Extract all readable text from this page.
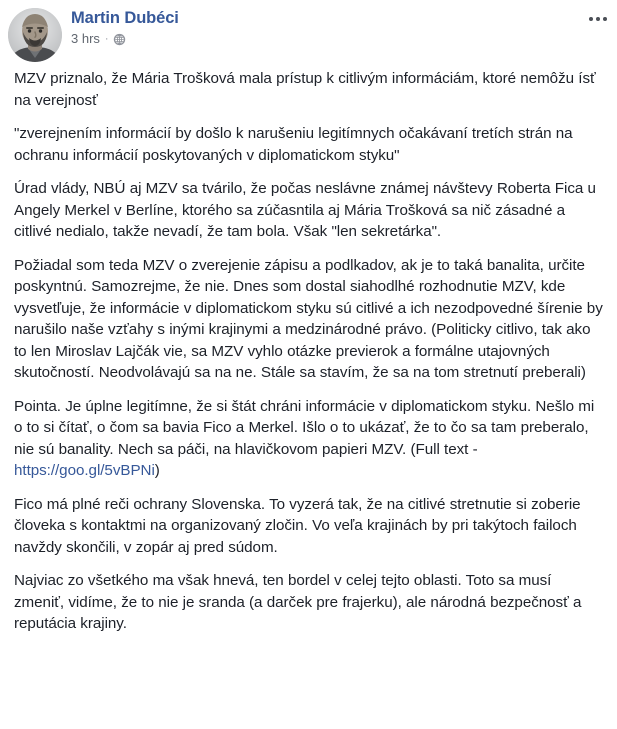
Martin Dubéci
3 hrs ·

MZV priznalo, že Mária Trošková mala prístup k citlivým informáciám, ktoré nemôžu ísť na verejnosť

"zverejnením informácií by došlo k narušeniu legitímnych očakávaní tretích strán na ochranu informácií poskytovaných v diplomatickom styku"

Úrad vlády, NBÚ aj MZV sa tvárilo, že počas neslávne známej návštevy Roberta Fica u Angely Merkel v Berlíne, ktorého sa zúčasntila aj Mária Trošková sa nič zásadné a citlivé nedialo, takže nevadí, že tam bola. Však "len sekretárka".

Požiadal som teda MZV o zverejenie zápisu a podlkadov, ak je to taká banalita, určite poskyntnú. Samozrejme, že nie. Dnes som dostal siahodlhé rozhodnutie MZV, kde vysvetľuje, že informácie v diplomatickom styku sú citlivé a ich nezodpovedné šírenie by narušilo naše vzťahy s inými krajinymi a medzinárodné právo. (Politicky citlivo, tak ako to len Miroslav Lajčák vie, sa MZV vyhlo otázke previerok a formálne utajovných skutočností. Neodvolávajú sa na ne. Stále sa stavím, že sa na tom stretnutí preberali)

Pointa. Je úplne legitímne, že si štát chráni informácie v diplomatickom styku. Nešlo mi o to si čítať, o čom sa bavia Fico a Merkel. Išlo o to ukázať, že to čo sa tam preberalo, nie sú banality. Nech sa páči, na hlavičkovom papieri MZV. (Full text - https://goo.gl/5vBPNi)

Fico má plné reči ochrany Slovenska. To vyzerá tak, že na citlivé stretnutie si zoberie človeka s kontaktmi na organizovaný zločin. Vo veľa krajinách by pri takýtoch failoch navždy skončili, v zopár aj pred súdom.

Najviac zo všetkého ma však hnevá, ten bordel v celej tejto oblasti. Toto sa musí zmeniť, vidíme, že to nie je sranda (a darček pre frajerku), ale národná bezpečnosť a reputácia krajiny.
